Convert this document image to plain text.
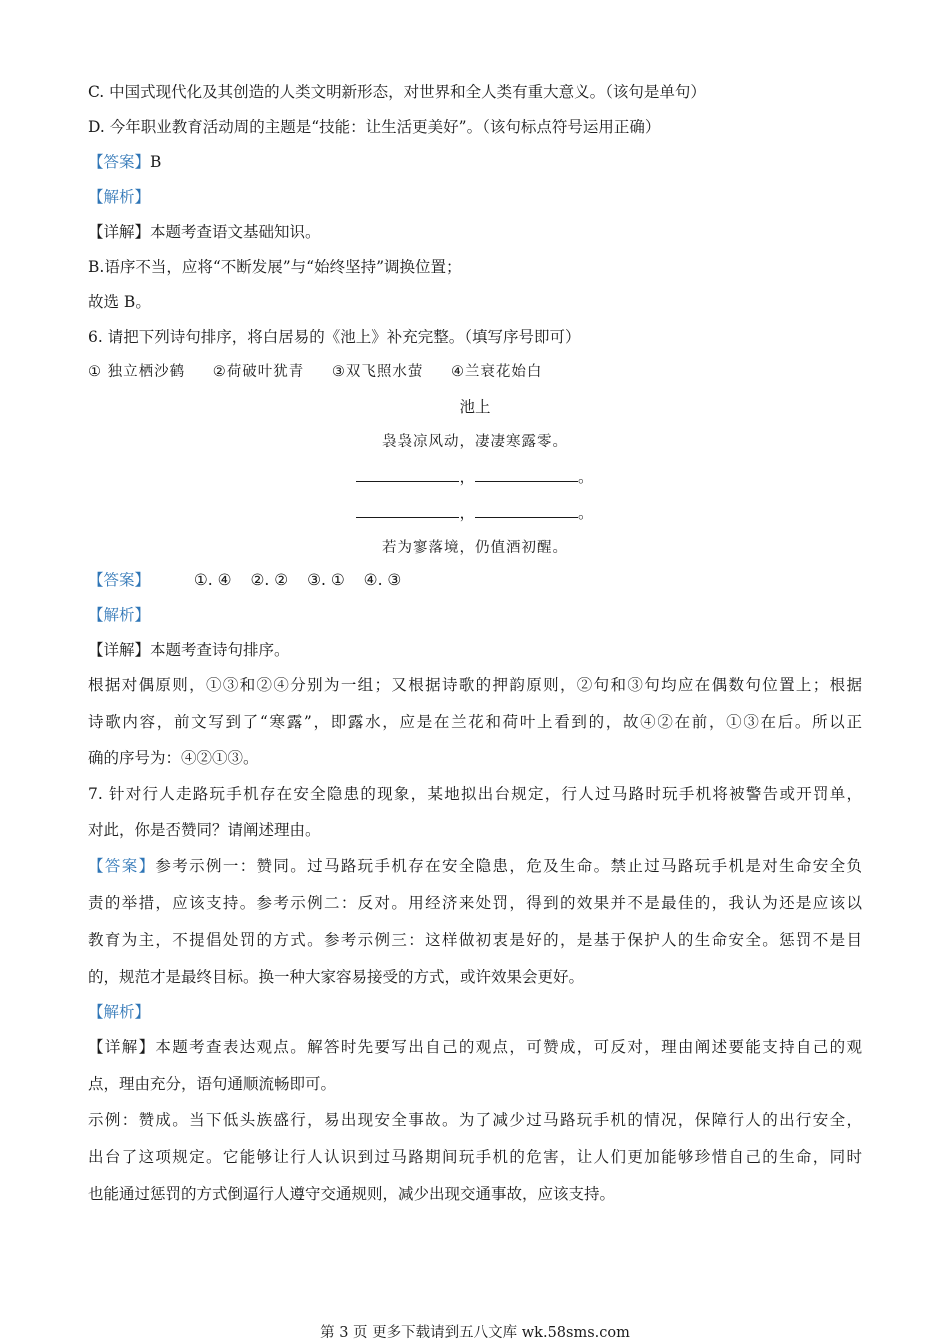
C. 中国式现代化及其创造的人类文明新形态，对世界和全人类有重大意义。（该句是单句）
D. 今年职业教育活动周的主题是“技能：让生活更美好”。（该句标点符号运用正确）
【答案】B
【解析】
【详解】本题考查语文基础知识。
B.语序不当，应将“不断发展”与“始终坚持”调换位置；
故选 B。
6. 请把下列诗句排序，将白居易的《池上》补充完整。（填写序号即可）
① 独立栖沙鹤 ②荷破叶犹青 ③双飞照水萤 ④兰衰花始白
池上
袅袅凉风动，凄凄寒露零。
，	。
，	。
若为寥落境，仍值酒初醒。
【答案】	①. ④ ②. ② ③. ① ④. ③
【解析】
【详解】本题考查诗句排序。
根据对偶原则，①③和②④分别为一组；又根据诗歌的押韵原则，②句和③句均应在偶数句位置上；根据
诗歌内容，前文写到了“寒露”，即露水，应是在兰花和荷叶上看到的，故④②在前，①③在后。所以正
确的序号为：④②①③。
7. 针对行人走路玩手机存在安全隐患的现象，某地拟出台规定，行人过马路时玩手机将被警告或开罚单，
对此，你是否赞同？请阐述理由。
【答案】参考示例一：赞同。过马路玩手机存在安全隐患，危及生命。禁止过马路玩手机是对生命安全负
责的举措，应该支持。参考示例二：反对。用经济来处罚，得到的效果并不是最佳的，我认为还是应该以
教育为主，不提倡处罚的方式。参考示例三：这样做初衷是好的，是基于保护人的生命安全。惩罚不是目
的，规范才是最终目标。换一种大家容易接受的方式，或许效果会更好。
【解析】
【详解】本题考查表达观点。解答时先要写出自己的观点，可赞成，可反对，理由阐述要能支持自己的观
点，理由充分，语句通顺流畅即可。
示例：赞成。当下低头族盛行，易出现安全事故。为了减少过马路玩手机的情况，保障行人的出行安全，
出台了这项规定。它能够让行人认识到过马路期间玩手机的危害，让人们更加能够珍惜自己的生命，同时
也能通过惩罚的方式倒逼行人遵守交通规则，减少出现交通事故，应该支持。
第 3 页 更多下载请到五八文库 wk.58sms.com
